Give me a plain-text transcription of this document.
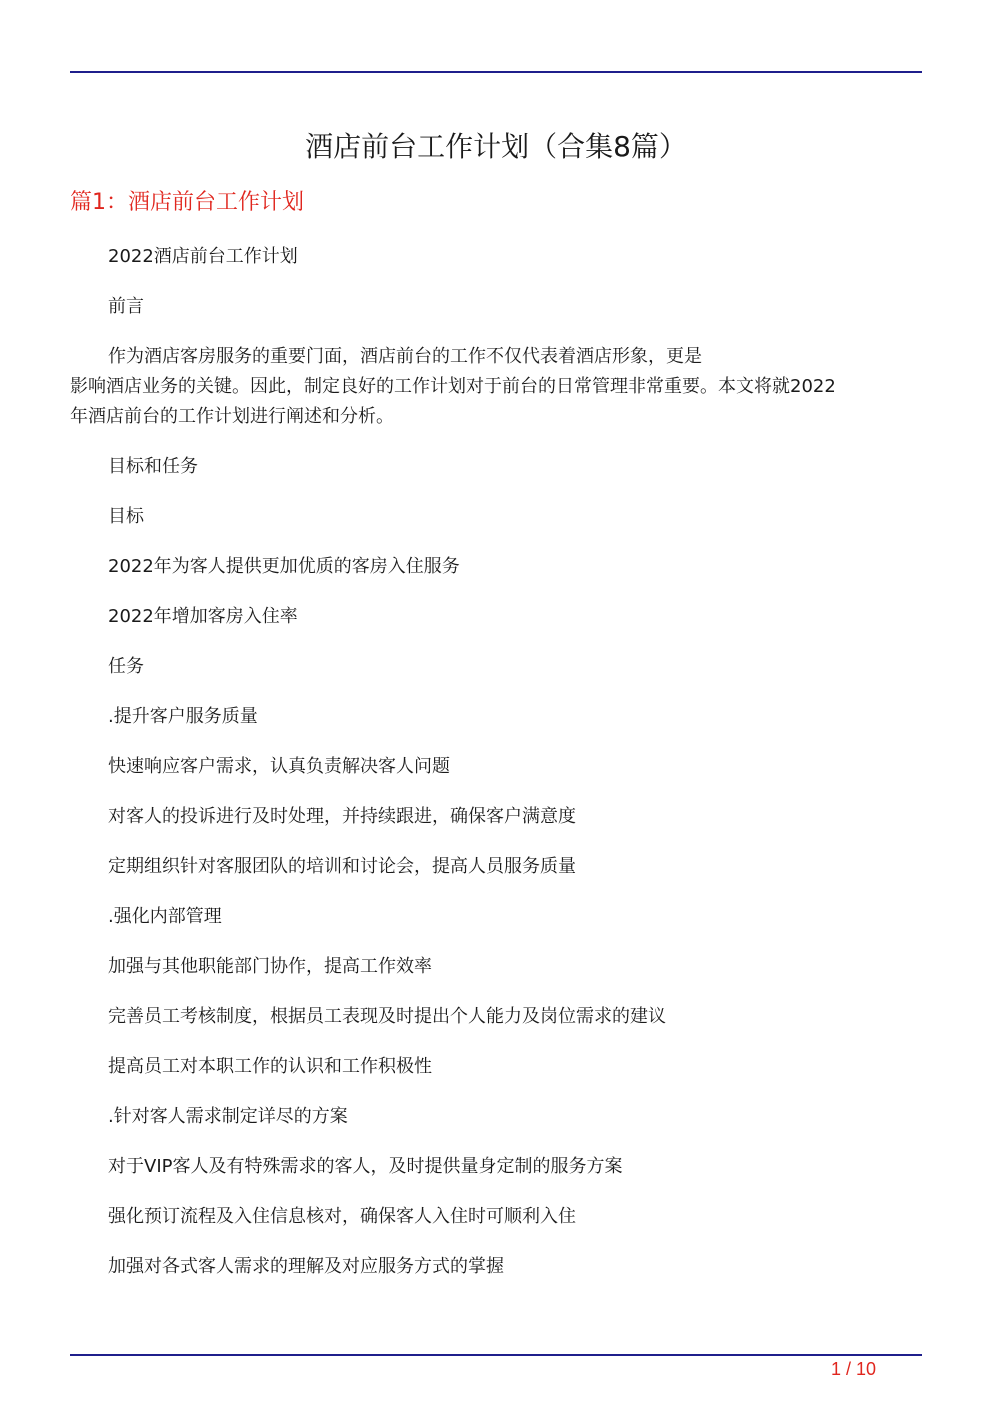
酒店前台工作计划（合集8篇）
篇1：酒店前台工作计划

2022酒店前台工作计划

前言

作为酒店客房服务的重要门面，酒店前台的工作不仅代表着酒店形象，更是
影响酒店业务的关键。因此，制定良好的工作计划对于前台的日常管理非常重要。本文将就2022
年酒店前台的工作计划进行阐述和分析。

目标和任务

目标

2022年为客人提供更加优质的客房入住服务

2022年增加客房入住率

任务

.提升客户服务质量

快速响应客户需求，认真负责解决客人问题

对客人的投诉进行及时处理，并持续跟进，确保客户满意度

定期组织针对客服团队的培训和讨论会，提高人员服务质量

.强化内部管理

加强与其他职能部门协作，提高工作效率

完善员工考核制度，根据员工表现及时提出个人能力及岗位需求的建议

提高员工对本职工作的认识和工作积极性

.针对客人需求制定详尽的方案

对于VIP客人及有特殊需求的客人，及时提供量身定制的服务方案

强化预订流程及入住信息核对，确保客人入住时可顺利入住

加强对各式客人需求的理解及对应服务方式的掌握

1 / 10
